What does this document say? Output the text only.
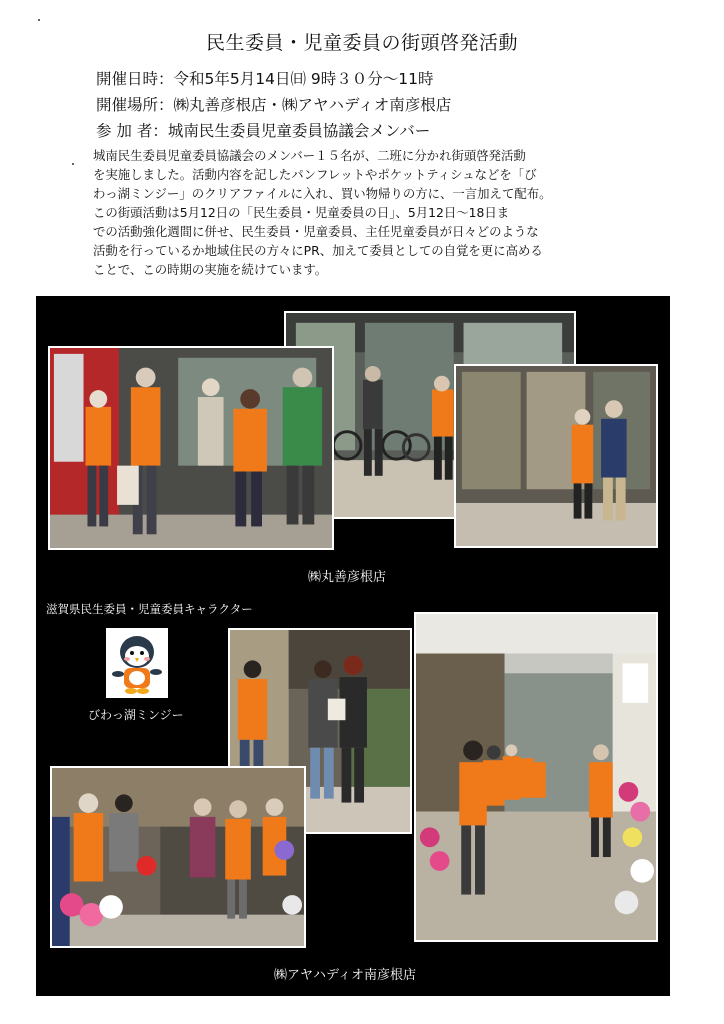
民生委員・児童委員の街頭啓発活動
開催日時：令和5年5月14日㈰ 9時３０分～11時
開催場所：㈱丸善彦根店・㈱アヤハディオ南彦根店
参 加 者：城南民生委員児童委員協議会メンバー
城南民生委員児童委員協議会のメンバー１５名が、二班に分かれ街頭啓発活動
を実施しました。活動内容を記したパンフレットやポケットティシュなどを「び
わっ湖ミンジー」のクリアファイルに入れ、買い物帰りの方に、一言加えて配布。
この街頭活動は5月12日の「民生委員・児童委員の日」、5月12日～18日ま
での活動強化週間に併せ、民生委員・児童委員、主任児童委員が日々どのような
活動を行っているか地域住民の方々にPR、加えて委員としての自覚を更に高める
ことで、この時期の実施を続けています。
㈱丸善彦根店
滋賀県民生委員・児童委員キャラクター
びわっ湖ミンジー
㈱アヤハディオ南彦根店
